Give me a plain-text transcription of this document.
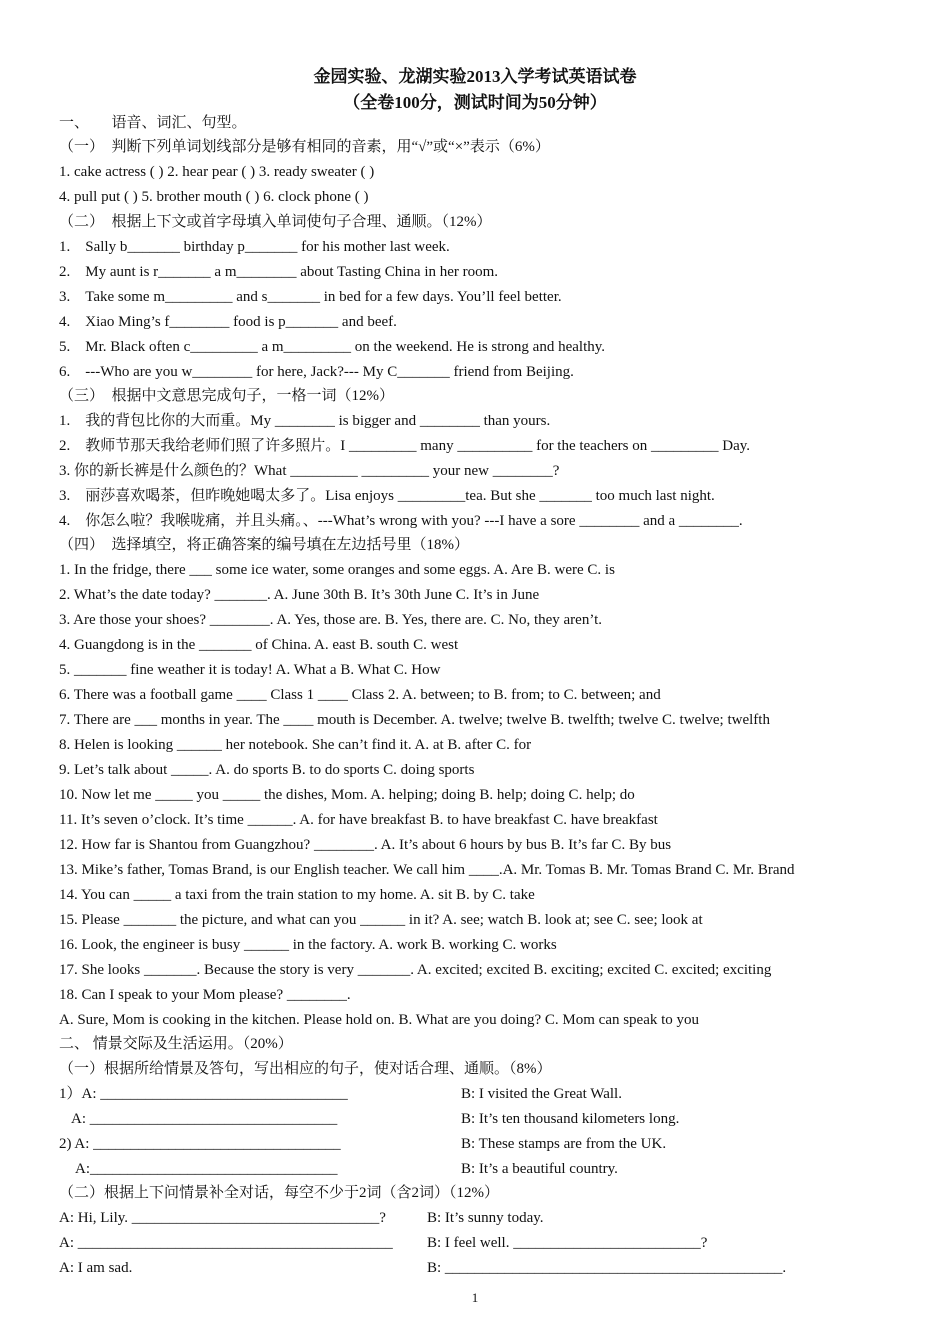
金园实验、龙湖实验2013入学考试英语试卷
（全卷100分，测试时间为50分钟）
一、　　语音、词汇、句型。
（一）　判断下列单词划线部分是够有相同的音素，用“√”或“×”表示（6%）
1. cake actress ( ) 2. hear pear ( ) 3. ready sweater ( )
4. pull put ( ) 5. brother mouth ( ) 6. clock phone ( )
（二）　根据上下文或首字母填入单词使句子合理、通顺。（12%）
1.　Sally b_______ birthday p_______ for his mother last week.
2.　My aunt is r_______ a m________ about Tasting China in her room.
3.　Take some m_________ and s_______ in bed for a few days. You’ll feel better.
4.　Xiao Ming’s f________ food is p_______ and beef.
5.　Mr. Black often c_________ a m_________ on the weekend. He is strong and healthy.
6.　---Who are you w________ for here, Jack?--- My C_______ friend from Beijing.
（三）　根据中文意思完成句子，一格一词（12%）
1.　我的背包比你的大而重。My ________ is bigger and ________ than yours.
2.　教师节那天我给老师们照了许多照片。I _________ many __________ for the teachers on _________ Day.
3. 你的新长裤是什么颜色的？What _________ _________ your new ________?
3.　丽莎喜欢喝茶，但昨晚她喝太多了。Lisa enjoys _________tea. But she _______ too much last night.
4.　你怎么啦？我喉咙痛，并且头痛。、---What’s wrong with you? ---I have a sore ________ and a ________.
（四）　选择填空，将正确答案的编号填在左边括号里（18%）
1. In the fridge, there ___ some ice water, some oranges and some eggs. A. Are B. were C. is
2. What’s the date today? _______. A. June 30th B. It’s 30th June C. It’s in June
3. Are those your shoes? ________. A. Yes, those are. B. Yes, there are. C. No, they aren’t.
4. Guangdong is in the _______ of China. A. east B. south C. west
5. _______ fine weather it is today! A. What a B. What C. How
6. There was a football game ____ Class 1 ____ Class 2. A. between; to B. from; to C. between; and
7. There are ___ months in year. The ____ mouth is December. A. twelve; twelve B. twelfth; twelve C. twelve; twelfth
8. Helen is looking ______ her notebook. She can’t find it. A. at B. after C. for
9. Let’s talk about _____. A. do sports B. to do sports C. doing sports
10. Now let me _____ you _____ the dishes, Mom. A. helping; doing B. help; doing C. help; do
11. It’s seven o’clock. It’s time ______. A. for have breakfast B. to have breakfast C. have breakfast
12. How far is Shantou from Guangzhou? ________. A. It’s about 6 hours by bus B. It’s far C. By bus
13. Mike’s father, Tomas Brand, is our English teacher. We call him ____.A. Mr. Tomas B. Mr. Tomas Brand C. Mr. Brand
14. You can _____ a taxi from the train station to my home. A. sit B. by C. take
15. Please _______ the picture, and what can you ______ in it? A. see; watch B. look at; see C. see; look at
16. Look, the engineer is busy ______ in the factory. A. work B. working C. works
17. She looks _______. Because the story is very _______. A. excited; excited B. exciting; excited C. excited; exciting
18. Can I speak to your Mom please? ________.
A. Sure, Mom is cooking in the kitchen. Please hold on. B. What are you doing? C. Mom can speak to you
二、 情景交际及生活运用。（20%）
（一）根据所给情景及答句，写出相应的句子，使对话合理、通顺。（8%）
1）A: _________________________________	B: I visited the Great Wall.
A: _________________________________	B: It’s ten thousand kilometers long.
2) A: _________________________________	B: These stamps are from the UK.
A:_________________________________	B: It’s a beautiful country.
（二）根据上下问情景补全对话，每空不少于2词（含2词）（12%）
A: Hi, Lily. _________________________________?	B: It’s sunny today.
A: __________________________________________ B: I feel well. _________________________?
A: I am sad.	B: _____________________________________________.
1
